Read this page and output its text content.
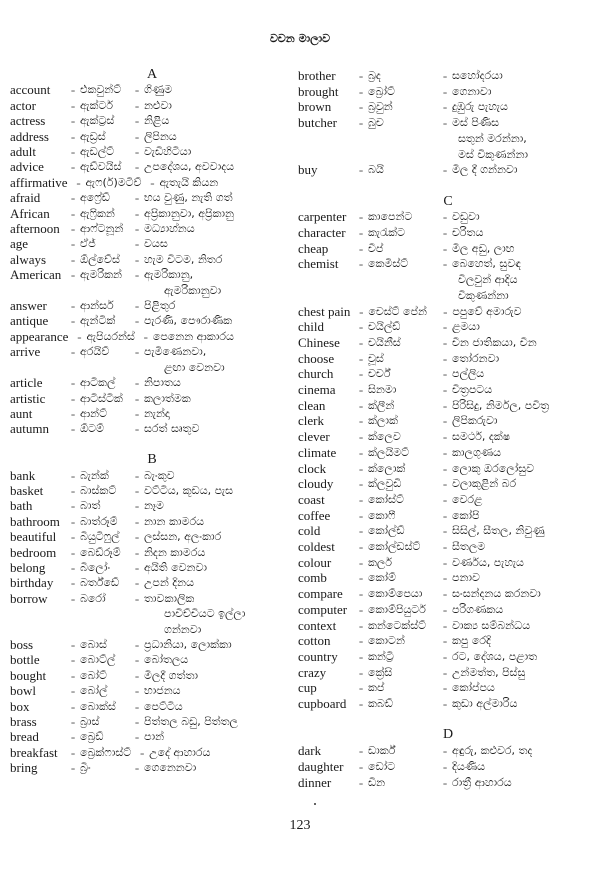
වචන මාලාව
A
account	- එකවුන්ට්	- ගිණුම
actor	- ඇක්ටර්	- නළුවා
actress	- ඇක්ට්‍රස්	- නිළිය
address	- ඇඩ්‍රස්	- ලිපිනය
adult	- ඇඩල්ට්	- වැඩිහිටියා
advice	- ඇඩ්වයිස්	- උපදේශය, අවවාදය
affirmative - ඇෆ(ර්)මටිව් - ඇතැයි කියන
afraid	- අෆ්‍රේඩ්	- භය වුණු, නැති ගත්
African	- ඇෆ්‍රිකන්	- අප්‍රිකානුවා, අප්‍රිකානු
afternoon - ආෆ්ටනූන් - මධ්‍යාහ්නය
age	- ඒජ්	- වයස
always	- ඕල්වේස්	- හැම විටම, නිතර
American - ඇමරිකන් - ඇමරිකානු,
ඇමරිකානුවා
answer	- ආන්සර්	- පිළිතුර
antique	- ඇන්ටික්	- පැරණි, පෞරාණික
appearance - ඇපියරන්ස් - පෙනෙන ආකාරය
arrive	- අරයිව්	- පැමිණෙනවා,
ළඟා වෙනවා
article	- ආටිකල්	- නිපාතය
artistic	- ආටිස්ටික් - කලාත්මක
aunt	- ආන්ට්	- නැන්දා
autumn	- ඕටම්	- සරත් සෘතුව
B
bank	- බැන්ක්	- බැංකුව
basket	- බාස්කට්	- වට්ටිය, කූඩය, පැස
bath	- බාත්	- නෑම
bathroom - බාත්රූම්	- නාන කාමරය
beautiful	- බියුටිෆුල්	- ලස්සන, අලංකාර
bedroom	- බෙඩ්රූම්	- නිදන කාමරය
belong	- බිලෝං	- අයිති වෙනවා
birthday	- බර්ත්ඩේ	- උපන් දිනය
borrow	- බරෝ	- තාවකාලික
පාවිච්චියට ඉල්ලා
ගන්නවා
boss	- බොස්	- ප්‍රධානියා, ලොක්කා
bottle	- බොට්ල්	- බෝතලය
bought	- බෝට්	- මිලදී ගත්තා
bowl	- බෝල්	- භාජනය
box	- බොක්ස්	- පෙට්ටිය
brass	- බ්‍රාස්	- පිත්තල බඩු, පිත්තල
bread	- බ්‍රෙඩ්	- පාන්
breakfast	- බ්‍රෙක්ෆාස්ට් - උදේ ආහාරය
bring	- බ්‍රිං	- ගෙනෙනවා
brother	- බ්‍රද	- සහෝදරයා
brought	- බ්‍රෝට්	- ගෙනාවා
brown	- බ්‍රවුන්	- දුඹුරු පැහැය
butcher	- බුච	- මස් පිණිස
සතුන් මරන්නා,
මස් විකුණන්නා
buy	- බයි	- මිල දී ගන්නවා
C
carpenter - කාපෙන්ට	- වඩුවා
character	- කැරැක්ට	- චරිතය
cheap	- චීප්	- මිල අඩු, ලාභ
chemist	- කෙමිස්ට්	- බෙහෙත්, සුවඳ
විලවුන් ආදිය
විකුණන්නා
chest pain - චෙස්ට් පේන්	- පපුවේ අමාරුව
child	- චයිල්ඩ්	- ළමයා
Chinese	- චයිනීස්	- චීන ජාතිකයා, චීන
choose	- චූස්	- තෝරනවා
church	- චර්ච්	- පල්ලිය
cinema	- සිනමා	- චිත්‍රපටය
clean	- ක්ලීන්	- පිරිසිදු, නිර්මල, පවිත්‍ර
clerk	- ක්ලාක්	- ලිපිකරුවා
clever	- ක්ලෙව	- සමර්ථ, දක්ෂ
climate	- ක්ලයිමට්	- කාලගුණය
clock	- ක්ලොක්	- ලොකු ඔරලෝසුව
cloudy	- ක්ලවුඩි	- වලාකුළින් බර
coast	- කෝස්ට්	- වෙරළ
coffee	- කොෆී	- කෝපි
cold	- කෝල්ඩ්	- සිසිල්, සීතල, නිවුණු
coldest	- කෝල්ඩස්ට්	- සීතලම
colour	- කලර්	- වර්ණය, පැහැය
comb	- කෝම්	- පනාව
compare	- කොම්පෙයා	- සංසන්දනය කරනවා
computer - කොම්පියුටර්	- පරිගණකය
context	- කන්ටෙක්ස්ට්	- වාක්‍ය සම්බන්ධය
cotton	- කොටන්	- කපු රෙදි
country	- කන්ට්‍රි	- රට, දේශය, පළාත
crazy	- ක්‍රේසි	- උන්මත්ත, පිස්සු
cup	- කප්	- කෝප්පය
cupboard - කබඩ්	- කුඩා අල්මාරිය
D
dark	- ඩාර්ක්	- අඳුරු, කළුවර, තද
daughter	- ඩෝට	- දියණිය
dinner	- ඩින	- රාත්‍රී ආහාරය
123
